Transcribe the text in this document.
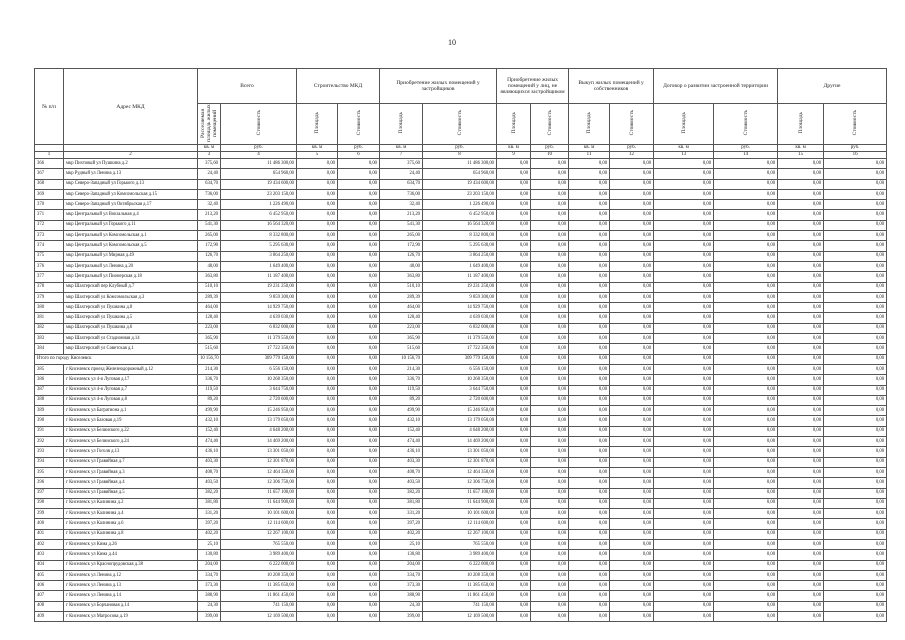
10
№ п/п	Адрес МКД	Всего		Строительство МКД		Приобретение жилых помещений у застройщиков		Приобретение жилых помещений у лиц, не являющихся застройщиком		Выкуп жилых помещений у собственников		Договор о развитии застроенной территории		Другие	
		Расселяемая площадь жилых помещений	Стоимость	Площадь	Стоимость	Площадь	Стоимость	Площадь	Стоимость	Площадь	Стоимость	Площадь	Стоимость	Площадь	Стоимость
		кв. м	руб.	кв. м	руб.	кв. м	руб.	кв. м	руб.	кв. м	руб.	кв. м	руб.	кв. м	руб.
1	2	3	4	5	6	7	8	9	10	11	12	13	14	15	16
366	мкр Пихтовый ул Пушкина д.2	375,60	11 486 300,00	0,00	0,00	375,60	11 486 300,00	0,00	0,00	0,00	0,00	0,00	0,00	0,00	0,00
367	мкр Рудный ул Ленина д.13	24,40	654 960,00	0,00	0,00	24,40	654 960,00	0,00	0,00	0,00	0,00	0,00	0,00	0,00	0,00
368	мкр Северо-Западный ул Горького д.13	634,70	19 434 600,00	0,00	0,00	634,70	19 434 600,00	0,00	0,00	0,00	0,00	0,00	0,00	0,00	0,00
369	мкр Северо-Западный ул Комсомольская д.15	736,00	23 203 150,00	0,00	0,00	736,00	23 203 150,00	0,00	0,00	0,00	0,00	0,00	0,00	0,00	0,00
370	мкр Северо-Западный ул Октябрьская д.17	32,40	1 226 490,00	0,00	0,00	32,40	1 226 490,00	0,00	0,00	0,00	0,00	0,00	0,00	0,00	0,00
371	мкр Центральный ул Вокзальная д.4	213,20	6 452 950,00	0,00	0,00	213,20	6 452 950,00	0,00	0,00	0,00	0,00	0,00	0,00	0,00	0,00
372	мкр Центральный ул Горького д.11	541,30	16 564 320,00	0,00	0,00	541,30	16 564 320,00	0,00	0,00	0,00	0,00	0,00	0,00	0,00	0,00
373	мкр Центральный ул Комсомольская д.1	265,00	8 332 800,00	0,00	0,00	265,00	8 332 800,00	0,00	0,00	0,00	0,00	0,00	0,00	0,00	0,00
374	мкр Центральный ул Комсомольская д.5	172,90	5 295 630,00	0,00	0,00	172,90	5 295 630,00	0,00	0,00	0,00	0,00	0,00	0,00	0,00	0,00
375	мкр Центральный ул Мирная д.49	126,70	3 864 250,00	0,00	0,00	126,70	3 864 250,00	0,00	0,00	0,00	0,00	0,00	0,00	0,00	0,00
376	мкр Центральный ул Ленина д.20	48,00	1 649 400,00	0,00	0,00	48,00	1 649 400,00	0,00	0,00	0,00	0,00	0,00	0,00	0,00	0,00
377	мкр Центральный ул Пионерская д.18	363,80	11 187 400,00	0,00	0,00	363,80	11 187 400,00	0,00	0,00	0,00	0,00	0,00	0,00	0,00	0,00
378	мкр Шахтерский пер Клубный д.7	510,10	19 231 250,00	0,00	0,00	510,10	19 231 250,00	0,00	0,00	0,00	0,00	0,00	0,00	0,00	0,00
379	мкр Шахтерский ул Комсомольская д.3	289,39	9 859 300,00	0,00	0,00	289,39	9 859 300,00	0,00	0,00	0,00	0,00	0,00	0,00	0,00	0,00
380	мкр Шахтерский ул Пушкина д.8	464,00	14 929 750,00	0,00	0,00	464,00	14 929 750,00	0,00	0,00	0,00	0,00	0,00	0,00	0,00	0,00
381	мкр Шахтерский ул Пушкина д.5	128,40	4 639 030,00	0,00	0,00	128,40	4 639 030,00	0,00	0,00	0,00	0,00	0,00	0,00	0,00	0,00
382	мкр Шахтерский ул Пушкина д.6	223,00	6 832 000,00	0,00	0,00	223,00	6 832 000,00	0,00	0,00	0,00	0,00	0,00	0,00	0,00	0,00
383	мкр Шахтерский ул Стадионная д.14	365,90	11 379 550,00	0,00	0,00	365,90	11 379 550,00	0,00	0,00	0,00	0,00	0,00	0,00	0,00	0,00
384	мкр Шахтерский ул Советская д.1	515,60	17 722 350,00	0,00	0,00	515,60	17 722 350,00	0,00	0,00	0,00	0,00	0,00	0,00	0,00	0,00
Итого по городу Киселевск		10 156,70	309 779 150,00	0,00	0,00	10 156,70	309 779 150,00	0,00	0,00	0,00	0,00	0,00	0,00	0,00	0,00
385	г Киселевск проезд Железнодорожный д.12	214,30	6 556 150,00	0,00	0,00	214,30	6 556 150,00	0,00	0,00	0,00	0,00	0,00	0,00	0,00	0,00
386	г Киселевск ул 4-я Луговая д.17	336,70	10 268 350,00	0,00	0,00	336,70	10 268 350,00	0,00	0,00	0,00	0,00	0,00	0,00	0,00	0,00
387	г Киселевск ул 4-я Луговая д.7	119,50	3 644 750,00	0,00	0,00	119,50	3 644 750,00	0,00	0,00	0,00	0,00	0,00	0,00	0,00	0,00
388	г Киселевск ул 4-я Луговая д.8	89,20	2 720 600,00	0,00	0,00	89,20	2 720 600,00	0,00	0,00	0,00	0,00	0,00	0,00	0,00	0,00
389	г Киселевск ул Багратиона д.1	499,90	15 246 950,00	0,00	0,00	499,90	15 246 950,00	0,00	0,00	0,00	0,00	0,00	0,00	0,00	0,00
390	г Киселевск ул Базовая д.19	432,10	13 179 050,00	0,00	0,00	432,10	13 179 050,00	0,00	0,00	0,00	0,00	0,00	0,00	0,00	0,00
391	г Киселевск ул Белинского д.22	152,40	4 648 200,00	0,00	0,00	152,40	4 648 200,00	0,00	0,00	0,00	0,00	0,00	0,00	0,00	0,00
392	г Киселевск ул Белинского д.24	474,40	14 469 200,00	0,00	0,00	474,40	14 469 200,00	0,00	0,00	0,00	0,00	0,00	0,00	0,00	0,00
393	г Киселевск ул Гоголя д.13	436,10	13 301 050,00	0,00	0,00	436,10	13 301 050,00	0,00	0,00	0,00	0,00	0,00	0,00	0,00	0,00
394	г Киселевск ул Гравийная д.7	403,30	12 301 870,00	0,00	0,00	403,30	12 301 870,00	0,00	0,00	0,00	0,00	0,00	0,00	0,00	0,00
395	г Киселевск ул Гравийная д.3	408,70	12 464 350,00	0,00	0,00	408,70	12 464 350,00	0,00	0,00	0,00	0,00	0,00	0,00	0,00	0,00
396	г Киселевск ул Гравийная д.4	403,50	12 306 750,00	0,00	0,00	403,50	12 306 750,00	0,00	0,00	0,00	0,00	0,00	0,00	0,00	0,00
397	г Киселевск ул Гравийная д.5	382,20	11 657 100,00	0,00	0,00	382,20	11 657 100,00	0,00	0,00	0,00	0,00	0,00	0,00	0,00	0,00
398	г Киселевск ул Калинина д.2	381,80	11 644 900,00	0,00	0,00	381,80	11 644 900,00	0,00	0,00	0,00	0,00	0,00	0,00	0,00	0,00
399	г Киселевск ул Калинина д.4	331,20	10 101 600,00	0,00	0,00	331,20	10 101 600,00	0,00	0,00	0,00	0,00	0,00	0,00	0,00	0,00
400	г Киселевск ул Калинина д.6	397,20	12 114 600,00	0,00	0,00	397,20	12 114 600,00	0,00	0,00	0,00	0,00	0,00	0,00	0,00	0,00
401	г Киселевск ул Калинина д.8	402,20	12 267 100,00	0,00	0,00	402,20	12 267 100,00	0,00	0,00	0,00	0,00	0,00	0,00	0,00	0,00
402	г Киселевск ул Кима д.26	25,10	765 550,00	0,00	0,00	25,10	765 550,00	0,00	0,00	0,00	0,00	0,00	0,00	0,00	0,00
403	г Киселевск ул Кима д.44	130,80	3 989 400,00	0,00	0,00	130,80	3 989 400,00	0,00	0,00	0,00	0,00	0,00	0,00	0,00	0,00
404	г Киселевск ул Краснопрудовская д.38	204,00	6 222 000,00	0,00	0,00	204,00	6 222 000,00	0,00	0,00	0,00	0,00	0,00	0,00	0,00	0,00
405	г Киселевск ул Ленина д.12	334,70	10 208 350,00	0,00	0,00	334,70	10 208 350,00	0,00	0,00	0,00	0,00	0,00	0,00	0,00	0,00
406	г Киселевск ул Ленина д.13	373,30	11 385 650,00	0,00	0,00	373,30	11 385 650,00	0,00	0,00	0,00	0,00	0,00	0,00	0,00	0,00
407	г Киселевск ул Ленина д.14	388,90	11 861 450,00	0,00	0,00	388,90	11 861 450,00	0,00	0,00	0,00	0,00	0,00	0,00	0,00	0,00
408	г Киселевск ул Борчановая д.14	24,30	741 150,00	0,00	0,00	24,30	741 150,00	0,00	0,00	0,00	0,00	0,00	0,00	0,00	0,00
409	г Киселевск ул Матросова д.19	399,00	12 169 500,00	0,00	0,00	399,00	12 169 500,00	0,00	0,00	0,00	0,00	0,00	0,00	0,00	0,00
